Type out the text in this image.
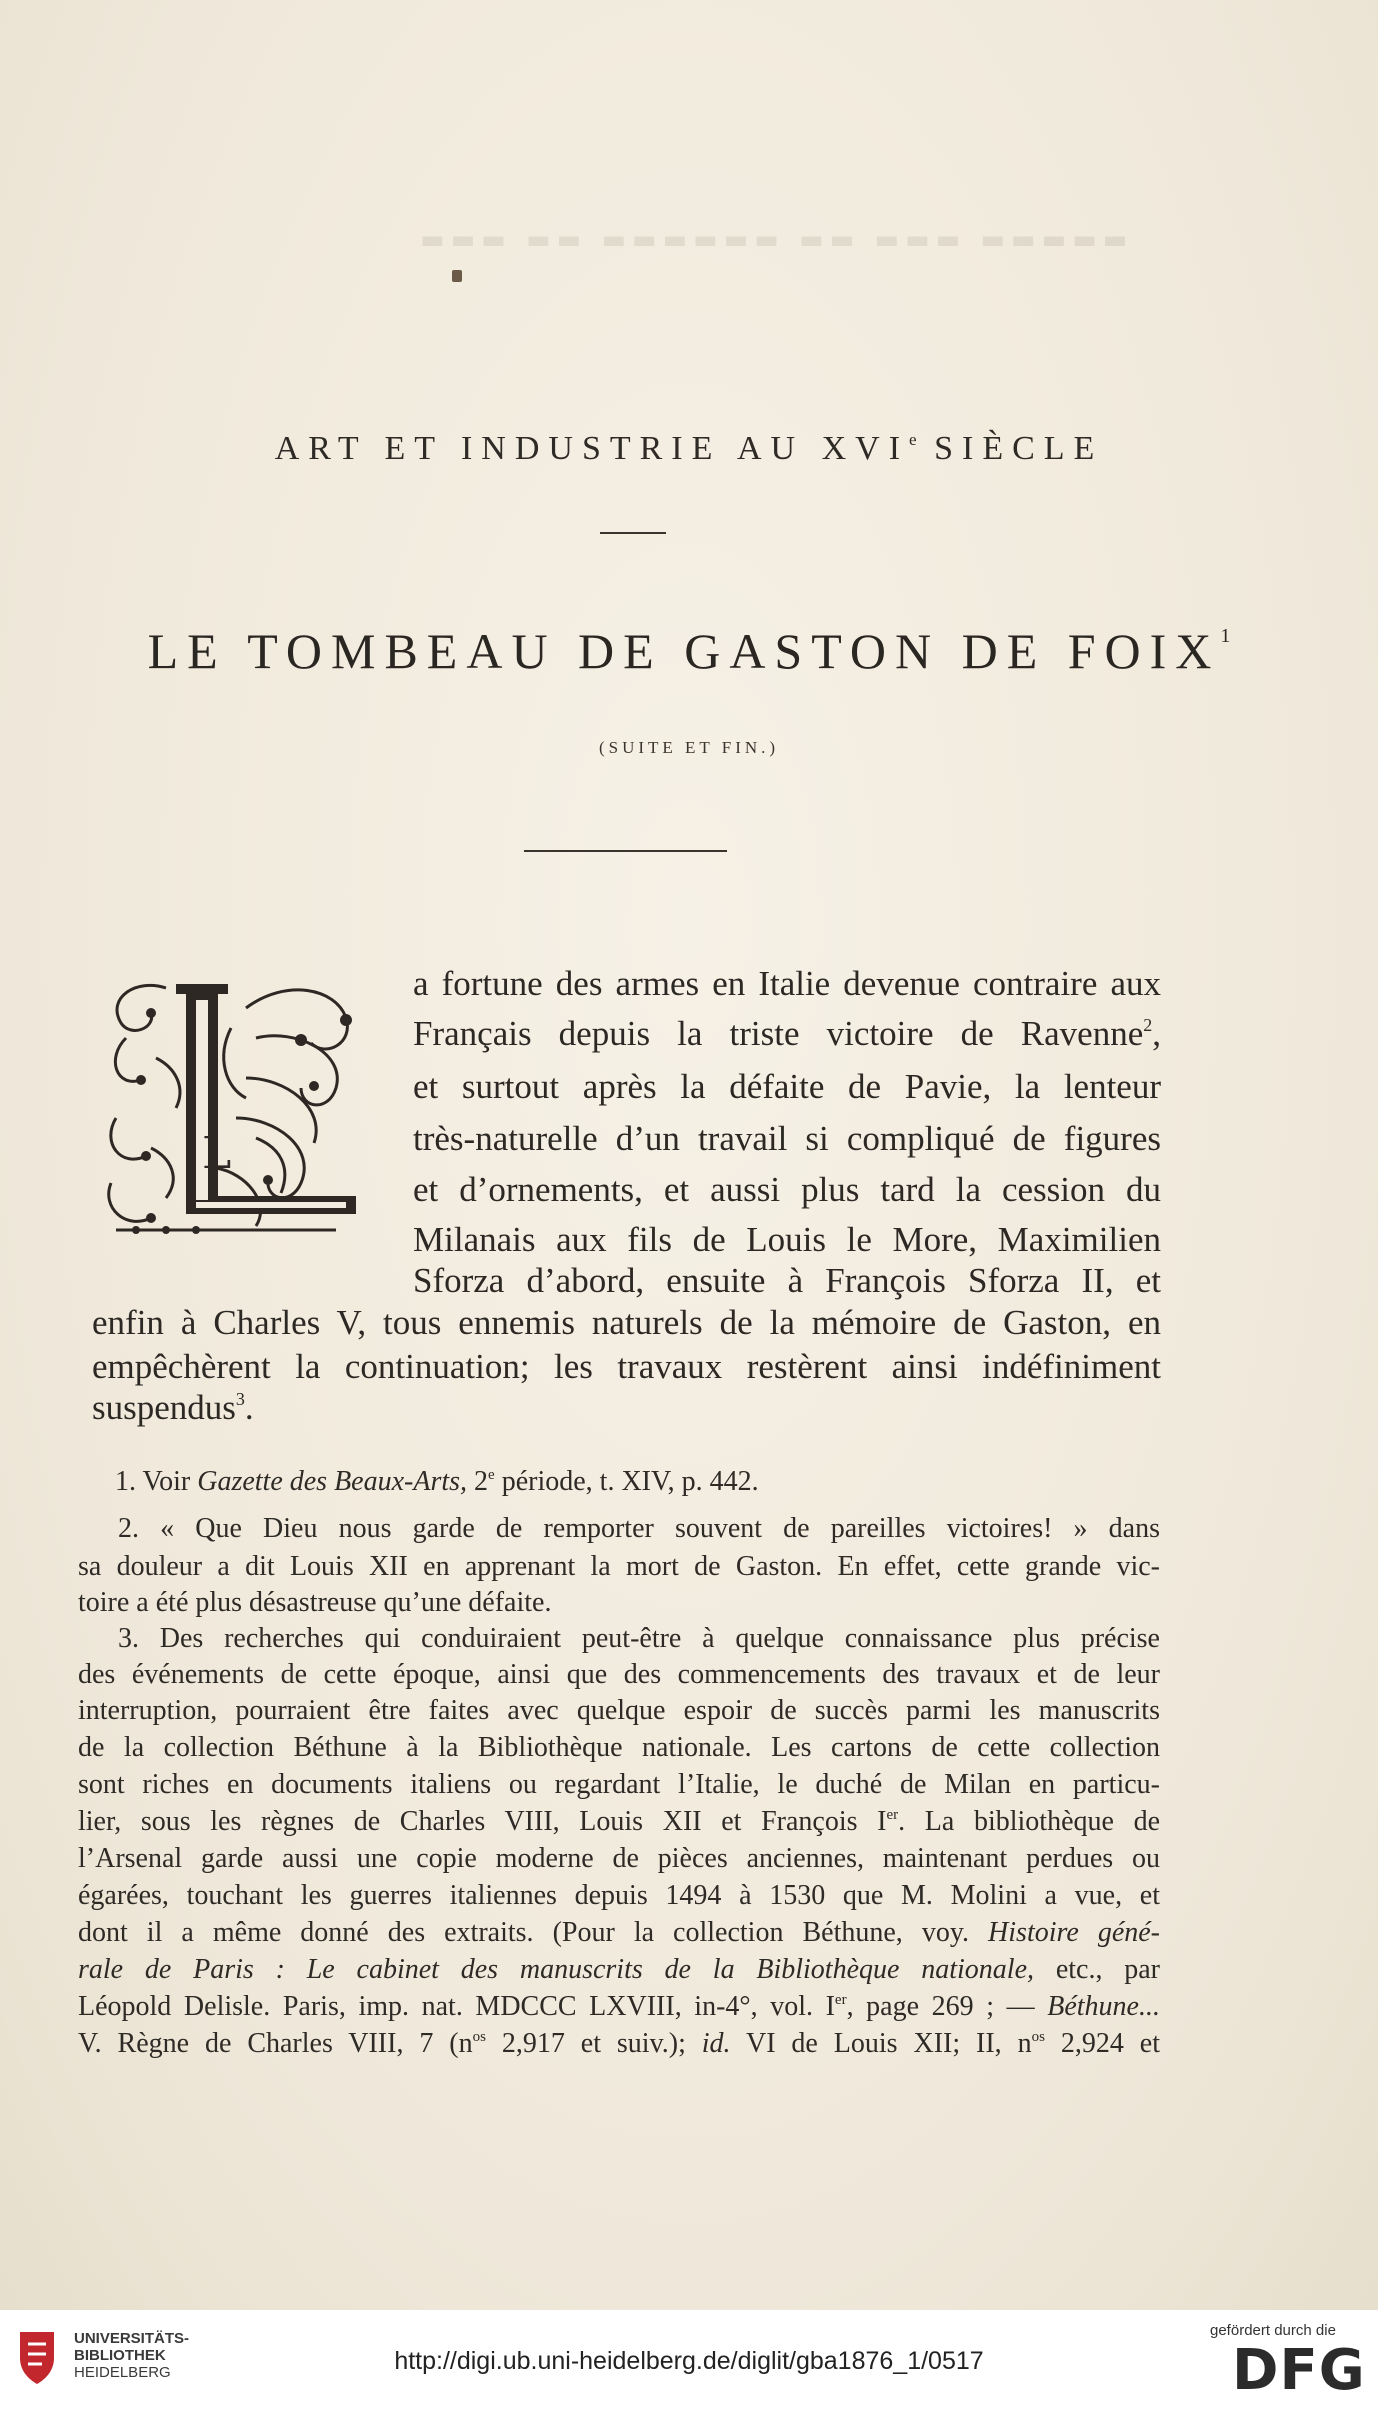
▬▬▬ ▬▬ ▬▬▬▬▬▬ ▬▬ ▬▬▬ ▬▬▬▬▬
ART ET INDUSTRIE AU XVIe SIÈCLE
LE TOMBEAU DE GASTON DE FOIX$^1$
(SUITE ET FIN.)
L
a fortune des armes en Italie devenue contraire aux
Français depuis la triste victoire de Ravenne$^2$,
et surtout après la défaite de Pavie, la lenteur
très-naturelle d’un travail si compliqué de figures
et d’ornements, et aussi plus tard la cession du
Milanais aux fils de Louis le More, Maximilien
Sforza d’abord, ensuite à François Sforza II, et
enfin à Charles V, tous ennemis naturels de la mémoire de Gaston, en
empêchèrent la continuation; les travaux restèrent ainsi indéfiniment
suspendus$^3$.
1. Voir Gazette des Beaux-Arts, 2e période, t. XIV, p. 442.
2. « Que Dieu nous garde de remporter souvent de pareilles victoires! » dans
sa douleur a dit Louis XII en apprenant la mort de Gaston. En effet, cette grande vic-
toire a été plus désastreuse qu’une défaite.
3. Des recherches qui conduiraient peut-être à quelque connaissance plus précise
des événements de cette époque, ainsi que des commencements des travaux et de leur
interruption, pourraient être faites avec quelque espoir de succès parmi les manuscrits
de la collection Béthune à la Bibliothèque nationale. Les cartons de cette collection
sont riches en documents italiens ou regardant l’Italie, le duché de Milan en particu-
lier, sous les règnes de Charles VIII, Louis XII et François Ier. La bibliothèque de
l’Arsenal garde aussi une copie moderne de pièces anciennes, maintenant perdues ou
égarées, touchant les guerres italiennes depuis 1494 à 1530 que M. Molini a vue, et
dont il a même donné des extraits. (Pour la collection Béthune, voy. Histoire géné-
rale de Paris : Le cabinet des manuscrits de la Bibliothèque nationale, etc., par
Léopold Delisle. Paris, imp. nat. MDCCC LXVIII, in-4°, vol. Ier, page 269 ; — Béthune...
V. Règne de Charles VIII, 7 ($n^{os}$ 2,917 et suiv.); id. VI de Louis XII; II, $n^{os}$ 2,924 et
UNIVERSITÄTS-
BIBLIOTHEK
HEIDELBERG	http://digi.ub.uni-heidelberg.de/diglit/gba1876_1/0517
gefördert durch die
DFG
